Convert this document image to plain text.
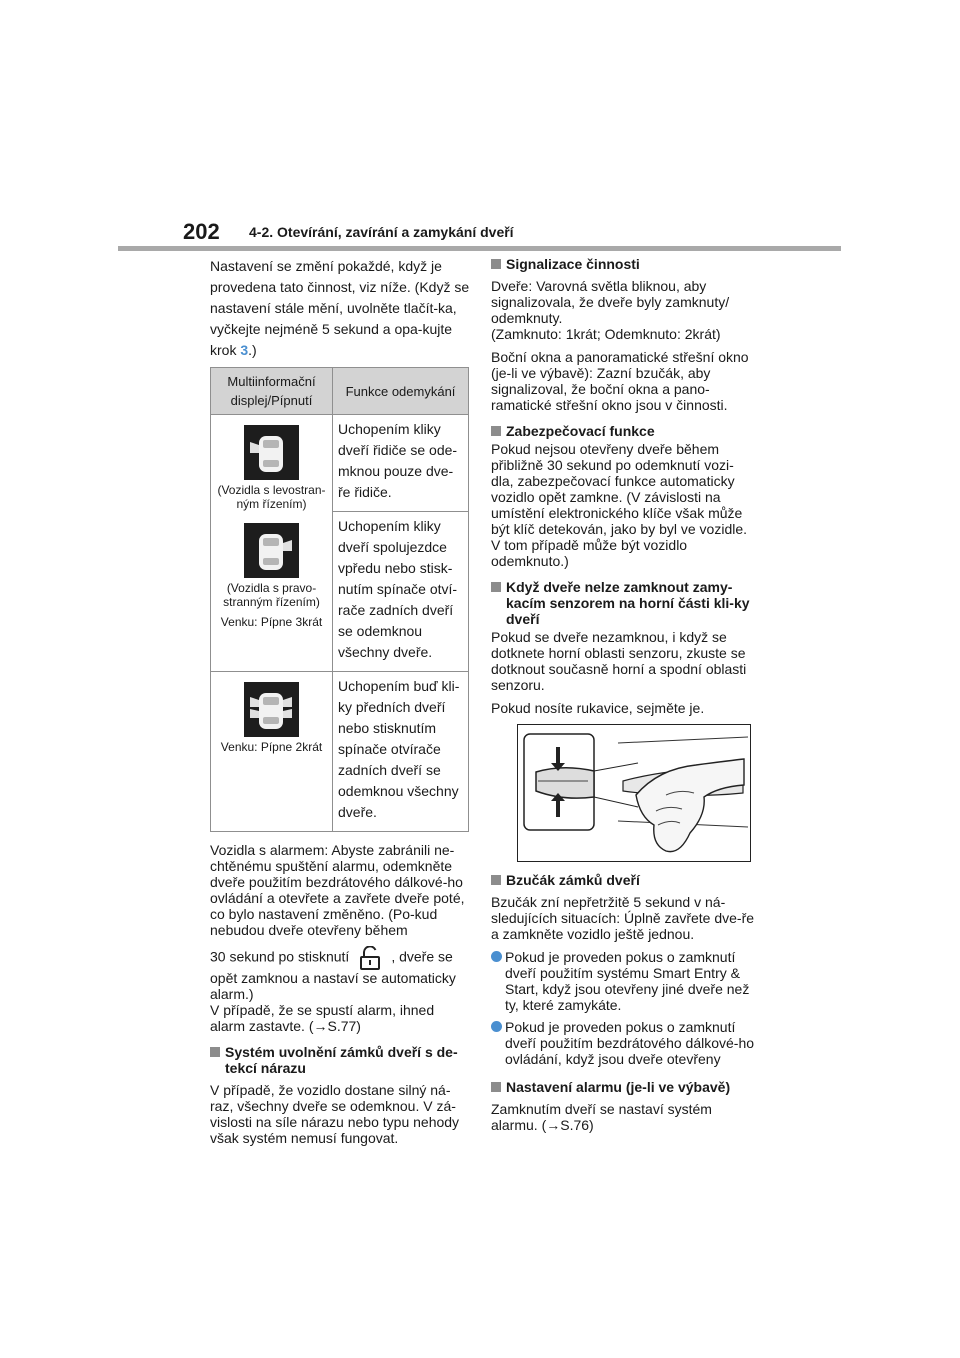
202 4-2. Otevírání, zavírání a zamykání dveří

Nastavení se změní pokaždé, když je provedena tato činnost, viz níže. (Když se nastavení stále mění, uvolněte tlačít-ka, vyčkejte nejméně 5 sekund a opa-kujte krok 3.)

Multiinformační displej/Pípnutí	Funkce odemykání

(Vozidla s levostran-ným řízením)
(Vozidla s pravo-stranným řízením)
Venku: Pípne 3krát	Uchopením kliky dveří řidiče se ode-mknou pouze dve-ře řidiče.
	Uchopením kliky dveří spolujezdce vpředu nebo stisk-nutím spínače otví-rače zadních dveří se odemknou všechny dveře.

Venku: Pípne 2krát	Uchopením buď kli-ky předních dveří nebo stisknutím spínače otvírače zadních dveří se odemknou všechny dveře.

Vozidla s alarmem: Abyste zabránili ne-chtěnému spuštění alarmu, odemkněte dveře použitím bezdrátového dálkové-ho ovládání a otevřete a zavřete dveře poté, co bylo nastavení změněno. (Po-kud nebudou dveře otevřeny během

30 sekund po stisknutí	, dveře se opět zamknou a nastaví se automaticky alarm.)

V případě, že se spustí alarm, ihned alarm zastavte. (→S.77)

Systém uvolnění zámků dveří s de-tekcí nárazu

V případě, že vozidlo dostane silný ná-raz, všechny dveře se odemknou. V zá-vislosti na síle nárazu nebo typu nehody však systém nemusí fungovat.

Signalizace činnosti

Dveře: Varovná světla bliknou, aby signalizovala, že dveře byly zamknuty/ odemknuty.

(Zamknuto: 1krát; Odemknuto: 2krát)

Boční okna a panoramatické střešní okno (je-li ve výbavě): Zazní bzučák, aby signalizoval, že boční okna a pano-ramatické střešní okno jsou v činnosti.

Zabezpečovací funkce

Pokud nejsou otevřeny dveře během přibližně 30 sekund po odemknutí vozi-dla, zabezpečovací funkce automaticky vozidlo opět zamkne. (V závislosti na umístění elektronického klíče však může být klíč detekován, jako by byl ve vozidle. V tom případě může být vozidlo odemknuto.)

Když dveře nelze zamknout zamy-kacím senzorem na horní části kli-ky dveří

Pokud se dveře nezamknou, i když se dotknete horní oblasti senzoru, zkuste se dotknout současně horní a spodní oblasti senzoru.

Pokud nosíte rukavice, sejměte je.

Bzučák zámků dveří

Bzučák zní nepřetržitě 5 sekund v ná-sledujících situacích: Úplně zavřete dve-ře a zamkněte vozidlo ještě jednou.

Pokud je proveden pokus o zamknutí dveří použitím systému Smart Entry & Start, když jsou otevřeny jiné dveře než ty, které zamykáte.
Pokud je proveden pokus o zamknutí dveří použitím bezdrátového dálkové-ho ovládání, když jsou dveře otevřeny
Nastavení alarmu (je-li ve výbavě)

Zamknutím dveří se nastaví systém alarmu. (→S.76)
